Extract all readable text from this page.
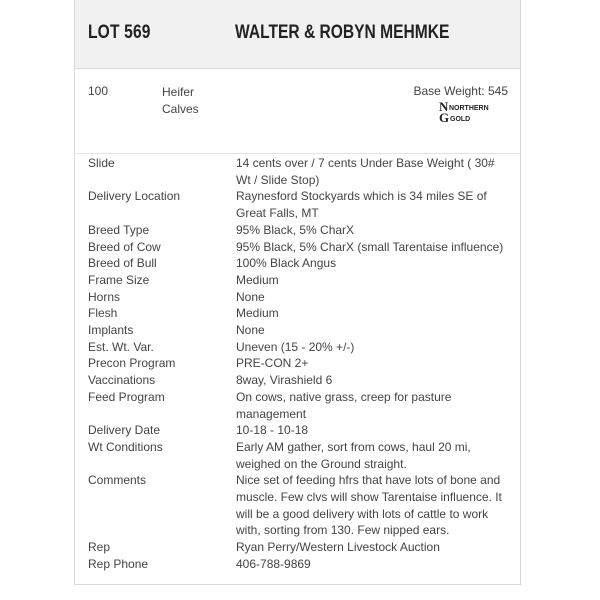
LOT 569	WALTER & ROBYN MEHMKE
100	Heifer
Calves
Base Weight: 545
N NORTHERN
G GOLD
Slide	14 cents over / 7 cents Under Base Weight ( 30# Wt / Slide Stop)
Delivery Location	Raynesford Stockyards which is 34 miles SE of Great Falls, MT
Breed Type	95% Black, 5% CharX
Breed of Cow	95% Black, 5% CharX (small Tarentaise influence)
Breed of Bull	100% Black Angus
Frame Size	Medium
Horns	None
Flesh	Medium
Implants	None
Est. Wt. Var.	Uneven (15 - 20% +/-)
Precon Program	PRE-CON 2+
Vaccinations	8way, Virashield 6
Feed Program	On cows, native grass, creep for pasture management
Delivery Date	10-18 - 10-18
Wt Conditions	Early AM gather, sort from cows, haul 20 mi, weighed on the Ground straight.
Comments	Nice set of feeding hfrs that have lots of bone and muscle. Few clvs will show Tarentaise influence. It will be a good delivery with lots of cattle to work with, sorting from 130. Few nipped ears.
Rep	Ryan Perry/Western Livestock Auction
Rep Phone	406-788-9869
